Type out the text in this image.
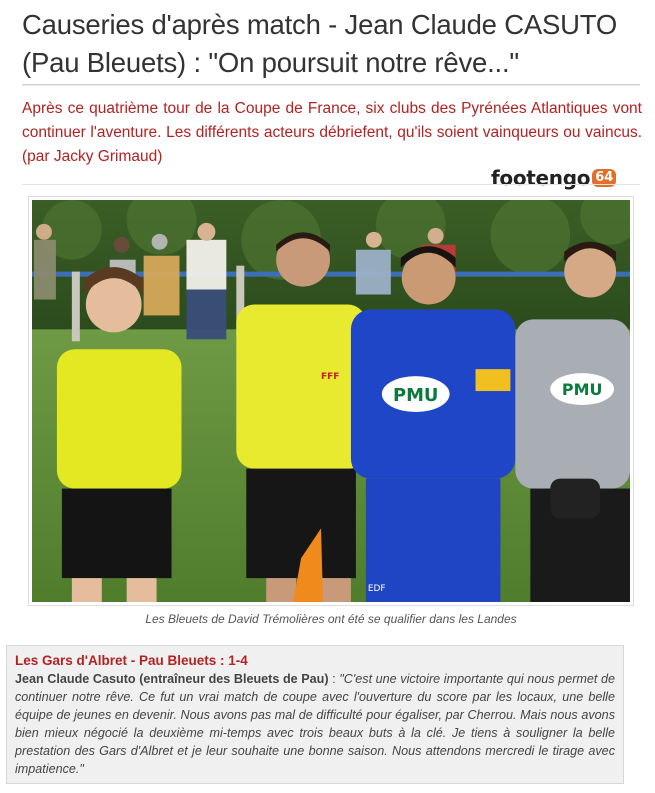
Causeries d'après match - Jean Claude CASUTO (Pau Bleuets) : "On poursuit notre rêve..."

Après ce quatrième tour de la Coupe de France, six clubs des Pyrénées Atlantiques vont continuer l'aventure. Les différents acteurs débriefent, qu'ils soient vainqueurs ou vaincus. (par Jacky Grimaud)

footengo 64
PMU
EDF
PMU
FFF
Les Bleuets de David Trémolières ont été se qualifier dans les Landes

Les Gars d'Albret - Pau Bleuets : 1-4

Jean Claude Casuto (entraîneur des Bleuets de Pau) : "C'est une victoire importante qui nous permet de continuer notre rêve. Ce fut un vrai match de coupe avec l'ouverture du score par les locaux, une belle équipe de jeunes en devenir. Nous avons pas mal de difficulté pour égaliser, par Cherrou. Mais nous avons bien mieux négocié la deuxième mi-temps avec trois beaux buts à la clé. Je tiens à souligner la belle prestation des Gars d'Albret et je leur souhaite une bonne saison. Nous attendons mercredi le tirage avec impatience."
